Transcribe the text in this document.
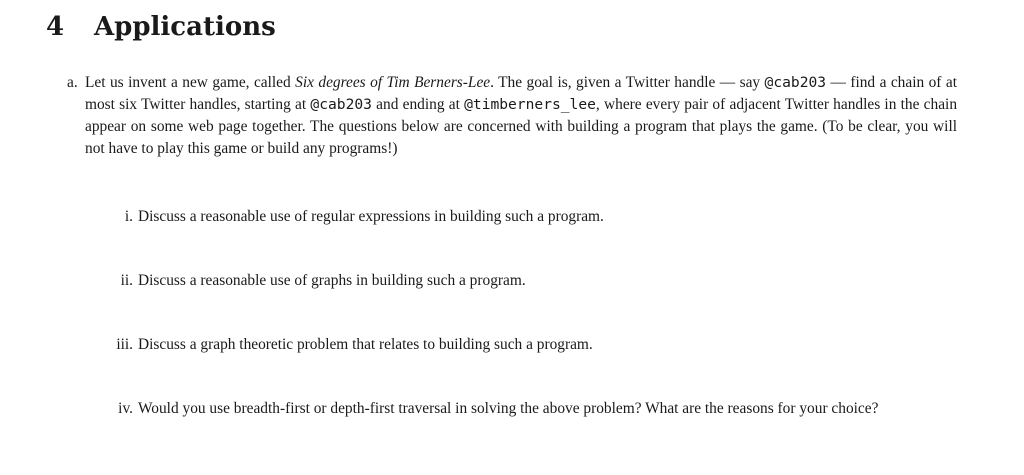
4 Applications
a. Let us invent a new game, called Six degrees of Tim Berners-Lee. The goal is, given a Twitter handle — say @cab203 — find a chain of at most six Twitter handles, starting at @cab203 and ending at @timberners_lee, where every pair of adjacent Twitter handles in the chain appear on some web page together. The questions below are concerned with building a program that plays the game. (To be clear, you will not have to play this game or build any programs!)
i. Discuss a reasonable use of regular expressions in building such a program.
ii. Discuss a reasonable use of graphs in building such a program.
iii. Discuss a graph theoretic problem that relates to building such a program.
iv. Would you use breadth-first or depth-first traversal in solving the above problem? What are the reasons for your choice?
